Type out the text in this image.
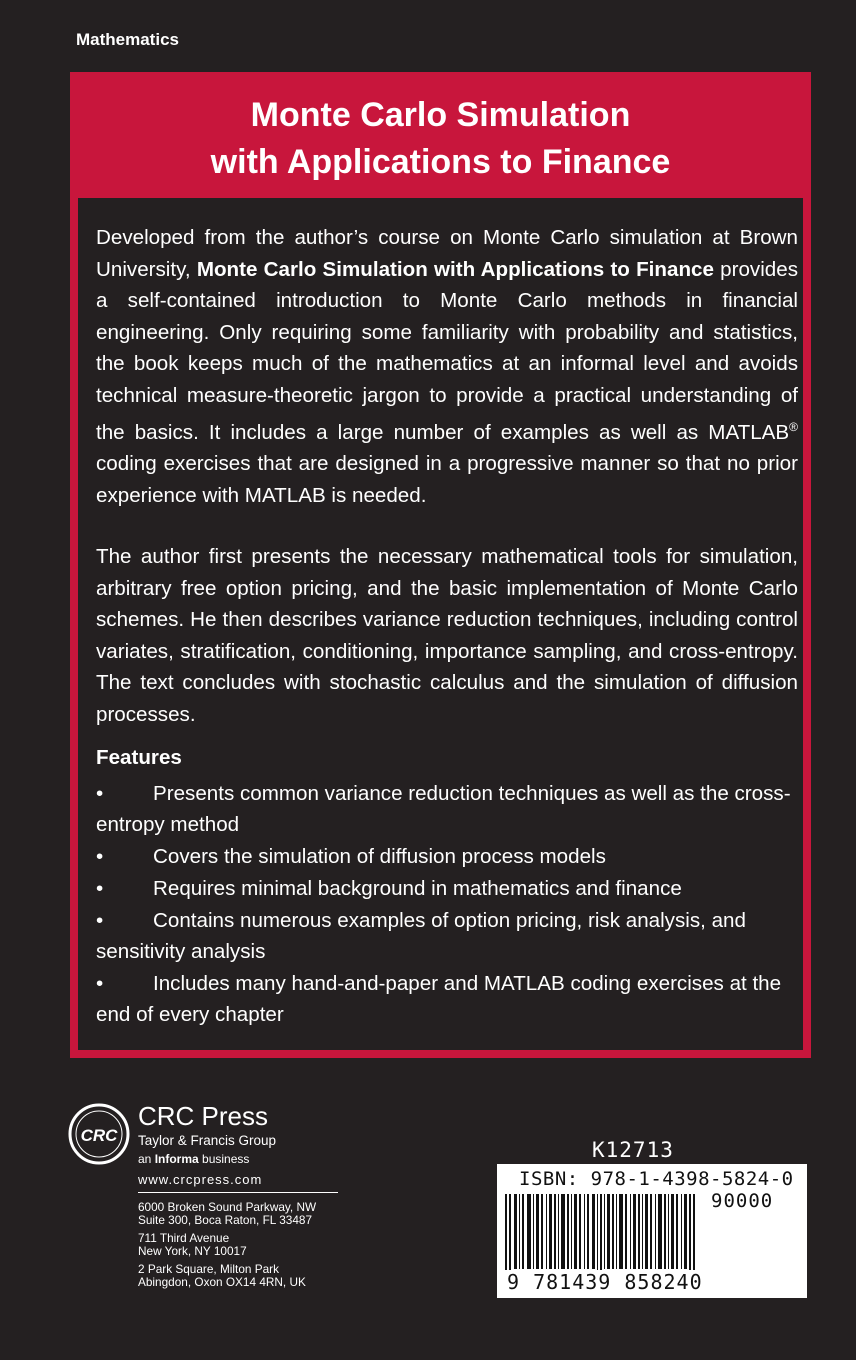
Mathematics
Monte Carlo Simulation
with Applications to Finance

Developed from the author’s course on Monte Carlo simulation at Brown University, Monte Carlo Simulation with Applications to Finance provides a self-contained introduction to Monte Carlo methods in financial engineering. Only requiring some familiarity with probability and statistics, the book keeps much of the mathematics at an informal level and avoids technical measure-theoretic jargon to provide a practical understanding of the basics. It includes a large number of examples as well as MATLAB® coding exercises that are designed in a progressive manner so that no prior experience with MATLAB is needed.

The author first presents the necessary mathematical tools for simulation, arbitrary free option pricing, and the basic implementation of Monte Carlo schemes. He then describes variance reduction techniques, including control variates, stratification, conditioning, importance sampling, and cross-entropy. The text concludes with stochastic calculus and the simulation of diffusion processes.

Features

• Presents common variance reduction techniques as well as the cross-entropy method
• Covers the simulation of diffusion process models
• Requires minimal background in mathematics and finance
• Contains numerous examples of option pricing, risk analysis, and sensitivity analysis
• Includes many hand-and-paper and MATLAB coding exercises at the end of every chapter
CRC
CRC Press
Taylor & Francis Group
an Informa business
www.crcpress.com
6000 Broken Sound Parkway, NW
Suite 300, Boca Raton, FL 33487
711 Third Avenue
New York, NY 10017
2 Park Square, Milton Park
Abingdon, Oxon OX14 4RN, UK
K12713
ISBN: 978-1-4398-5824-0
90000
9 781439 858240
